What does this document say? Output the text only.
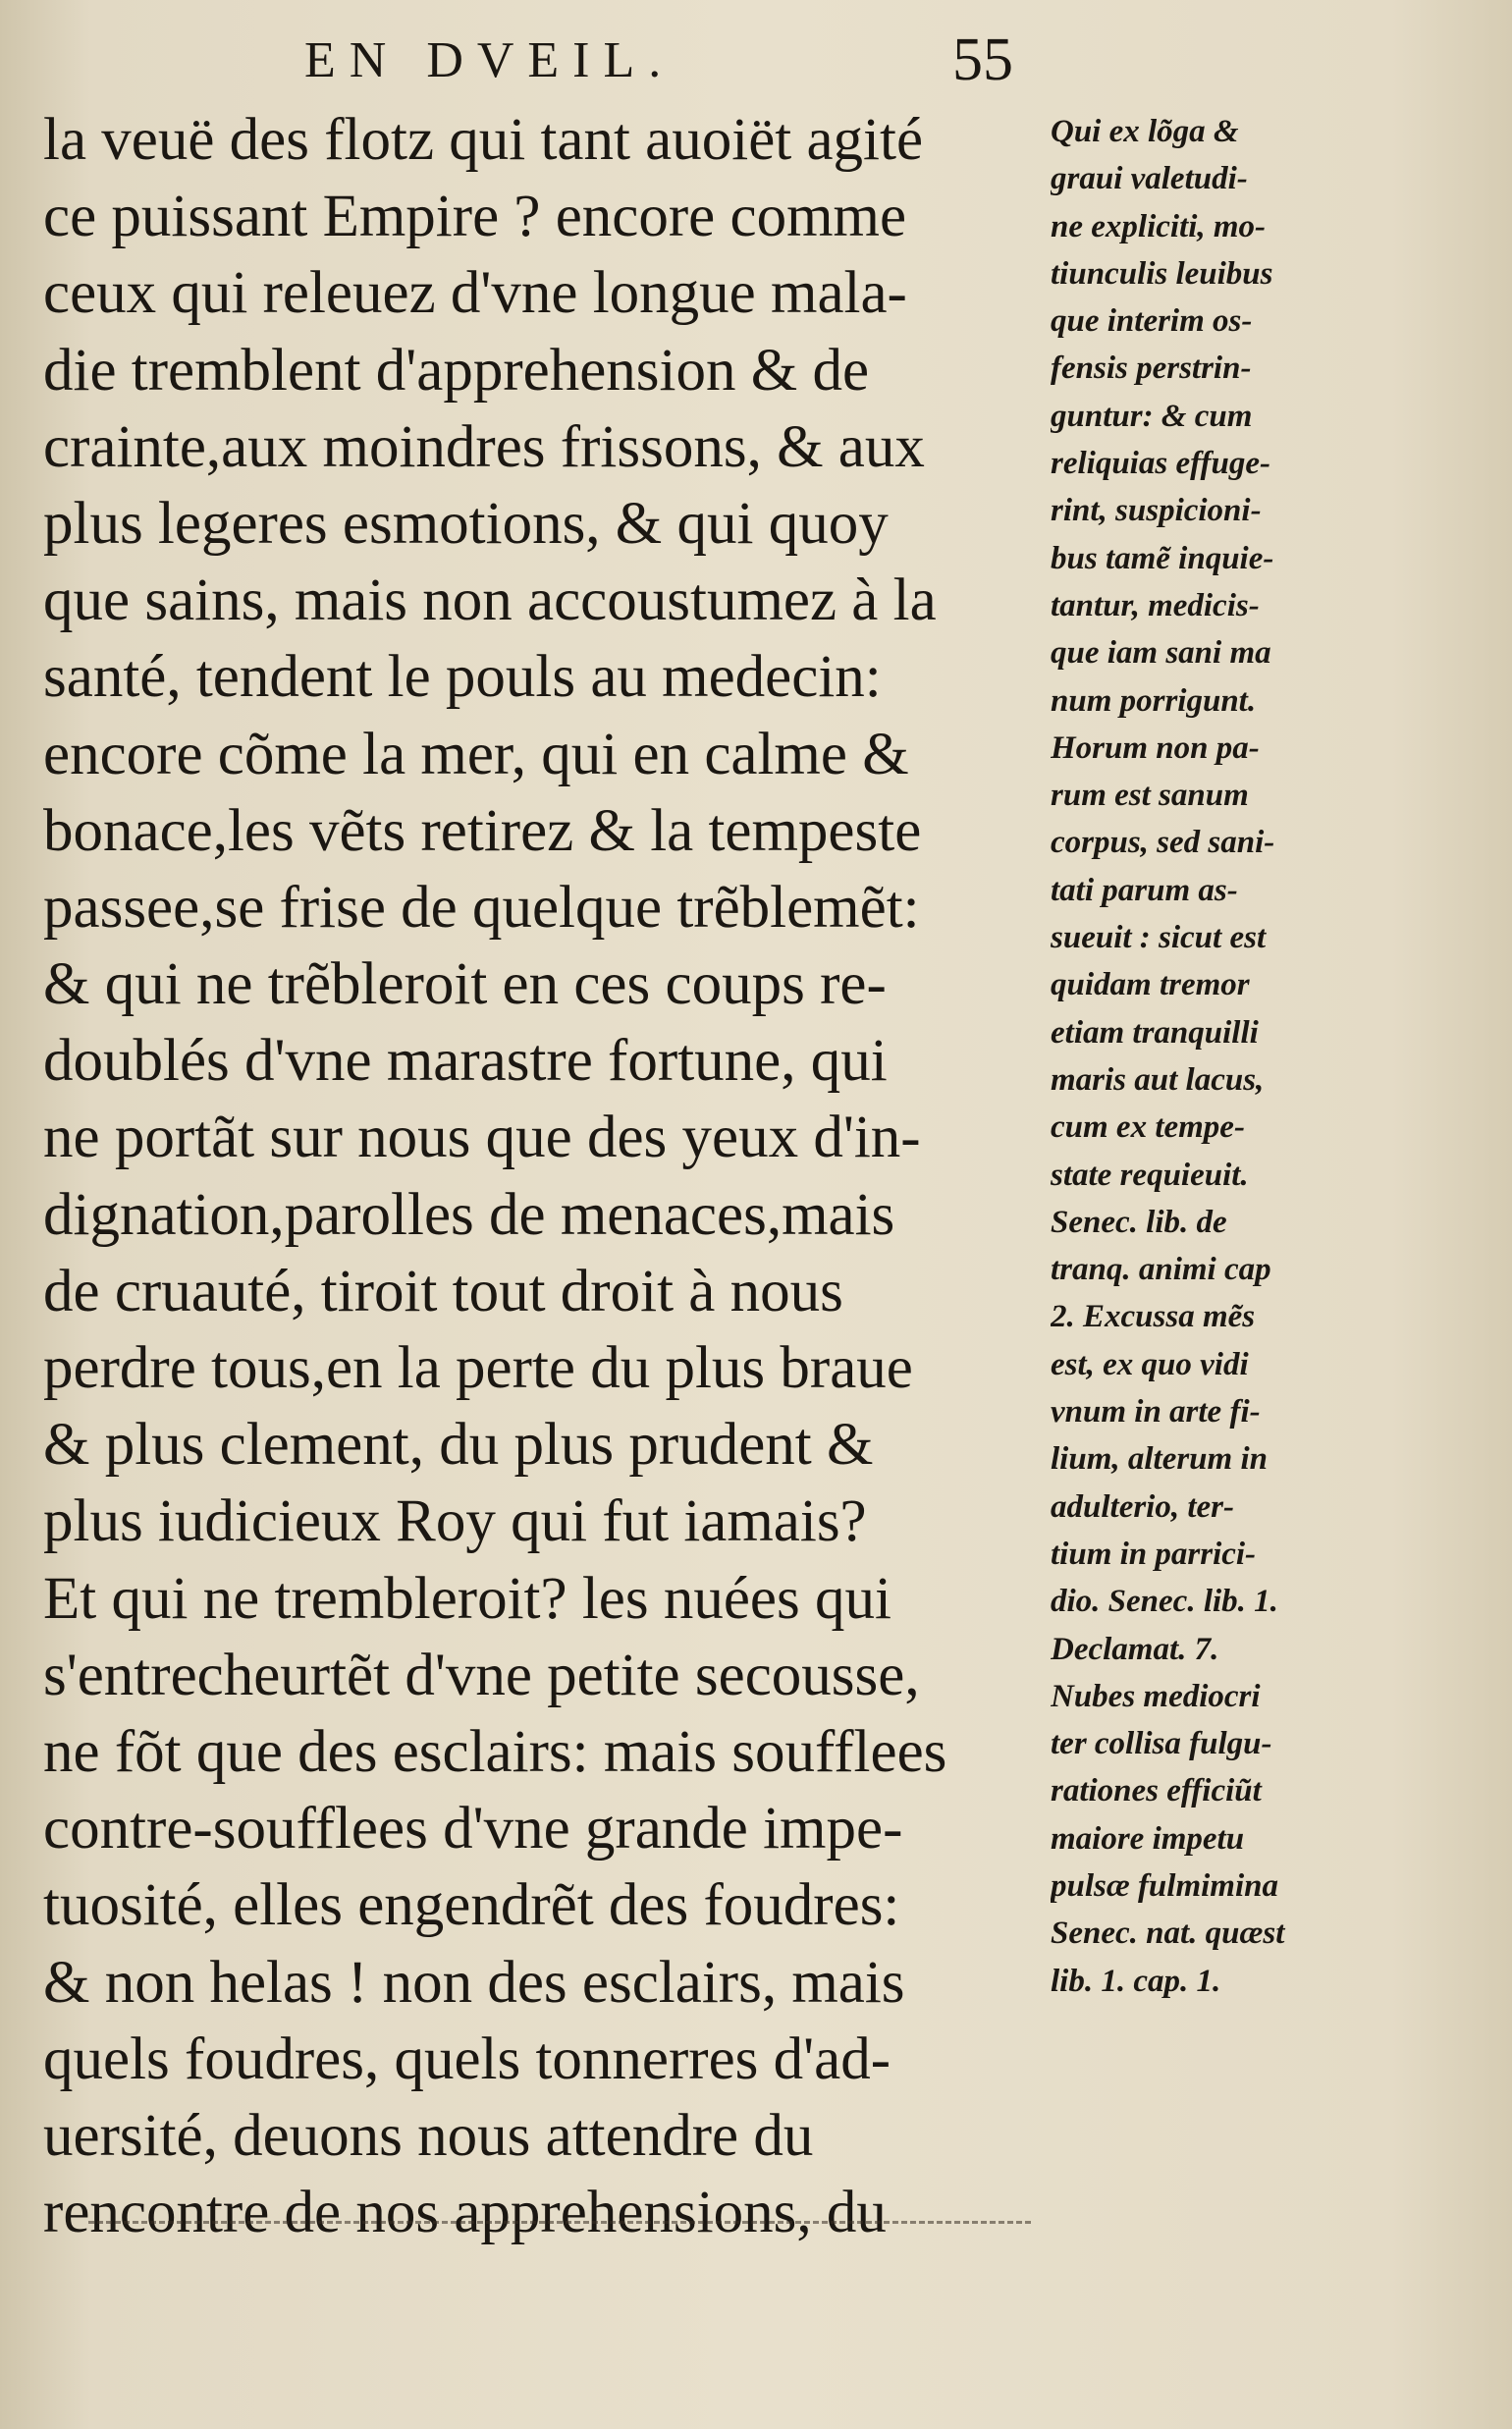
EN DVEIL.	55
la veuë des flotz qui tant auoiët agité
ce puissant Empire ? encore comme
ceux qui releuez d'vne longue mala-
die tremblent d'apprehension & de
crainte,aux moindres frissons, & aux
plus legeres esmotions, & qui quoy
que sains, mais non accoustumez à la
santé, tendent le pouls au medecin:
encore cõme la mer, qui en calme &
bonace,les vẽts retirez & la tempeste
passee,se frise de quelque trẽblemẽt:
& qui ne trẽbleroit en ces coups re-
doublés d'vne marastre fortune, qui
ne portãt sur nous que des yeux d'in-
dignation,parolles de menaces,mais
de cruauté, tiroit tout droit à nous
perdre tous,en la perte du plus braue
& plus clement, du plus prudent &
plus iudicieux Roy qui fut iamais?
Et qui ne trembleroit? les nuées qui
s'entrecheurtẽt d'vne petite secousse,
ne fõt que des esclairs: mais soufflees
contre-soufflees d'vne grande impe-
tuosité, elles engendrẽt des foudres:
& non helas ! non des esclairs, mais
quels foudres, quels tonnerres d'ad-
uersité, deuons nous attendre du
rencontre de nos apprehensions, du
Qui ex lõga &
graui valetudi-
ne expliciti, mo-
tiunculis leuibus
que interim os-
fensis perstrin-
guntur: & cum
reliquias effuge-
rint, suspicioni-
bus tamẽ inquie-
tantur, medicis-
que iam sani ma
num porrigunt.
Horum non pa-
rum est sanum
corpus, sed sani-
tati parum as-
sueuit : sicut est
quidam tremor
etiam tranquilli
maris aut lacus,
cum ex tempe-
state requieuit.
Senec. lib. de
tranq. animi cap
2. Excussa mẽs
est, ex quo vidi
vnum in arte fi-
lium, alterum in
adulterio, ter-
tium in parrici-
dio. Senec. lib. 1.
Declamat. 7.
Nubes mediocri
ter collisa fulgu-
rationes efficiũt
maiore impetu
pulsæ fulmimina
Senec. nat. quæst
lib. 1. cap. 1.
